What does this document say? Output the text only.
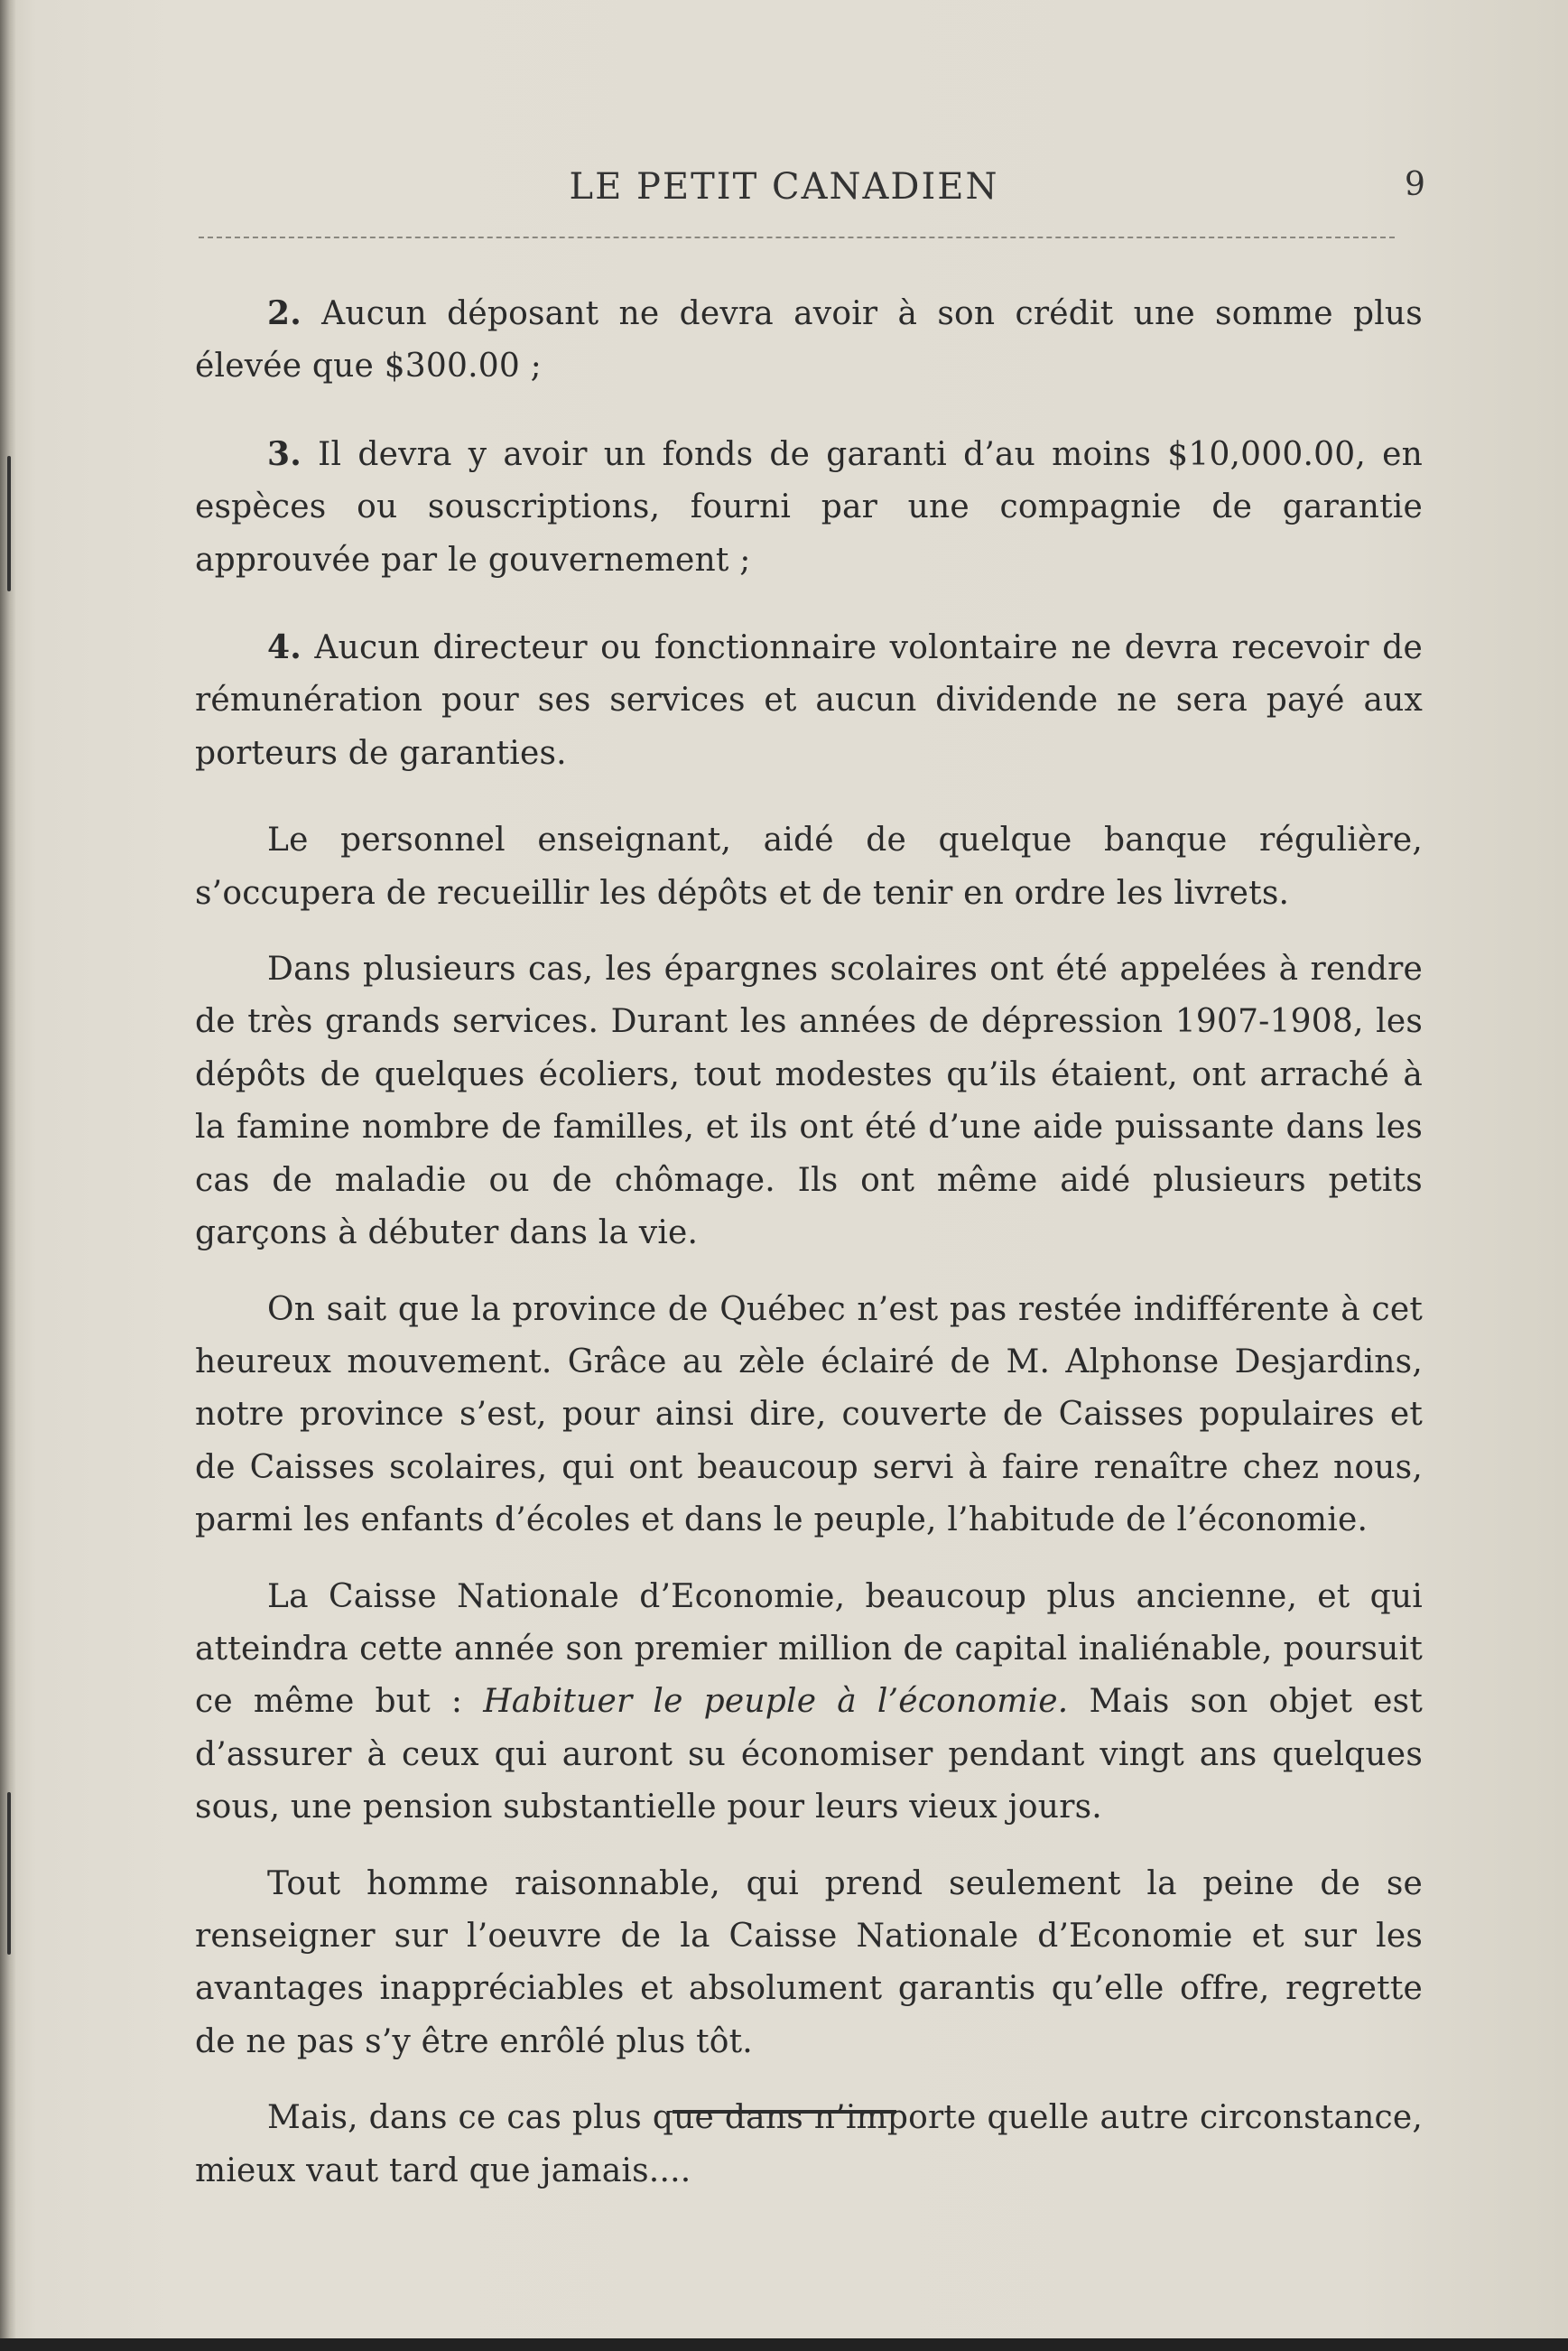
LE PETIT CANADIEN	9

2. Aucun déposant ne devra avoir à son crédit une somme plus élevée que $300.00 ;

3. Il devra y avoir un fonds de garanti d’au moins $10,000.00, en espèces ou souscriptions, fourni par une compagnie de garantie approuvée par le gouvernement ;

4. Aucun directeur ou fonctionnaire volontaire ne devra recevoir de rémunération pour ses services et aucun dividende ne sera payé aux porteurs de garanties.

Le personnel enseignant, aidé de quelque banque régulière, s’occupera de recueillir les dépôts et de tenir en ordre les livrets.

Dans plusieurs cas, les épargnes scolaires ont été appelées à rendre de très grands services. Durant les années de dépression 1907-1908, les dépôts de quelques écoliers, tout modestes qu’ils étaient, ont arraché à la famine nombre de familles, et ils ont été d’une aide puissante dans les cas de maladie ou de chômage. Ils ont même aidé plusieurs petits garçons à débuter dans la vie.

On sait que la province de Québec n’est pas restée indifférente à cet heureux mouvement. Grâce au zèle éclairé de M. Alphonse Desjardins, notre province s’est, pour ainsi dire, couverte de Caisses populaires et de Caisses scolaires, qui ont beaucoup servi à faire renaître chez nous, parmi les enfants d’écoles et dans le peuple, l’habitude de l’économie.

La Caisse Nationale d’Economie, beaucoup plus ancienne, et qui atteindra cette année son premier million de capital inaliénable, poursuit ce même but : Habituer le peuple à l’économie. Mais son objet est d’assurer à ceux qui auront su économiser pendant vingt ans quelques sous, une pension substantielle pour leurs vieux jours.

Tout homme raisonnable, qui prend seulement la peine de se renseigner sur l’oeuvre de la Caisse Nationale d’Economie et sur les avantages inappréciables et absolument garantis qu’elle offre, regrette de ne pas s’y être enrôlé plus tôt.

Mais, dans ce cas plus que dans n’importe quelle autre circonstance, mieux vaut tard que jamais....
